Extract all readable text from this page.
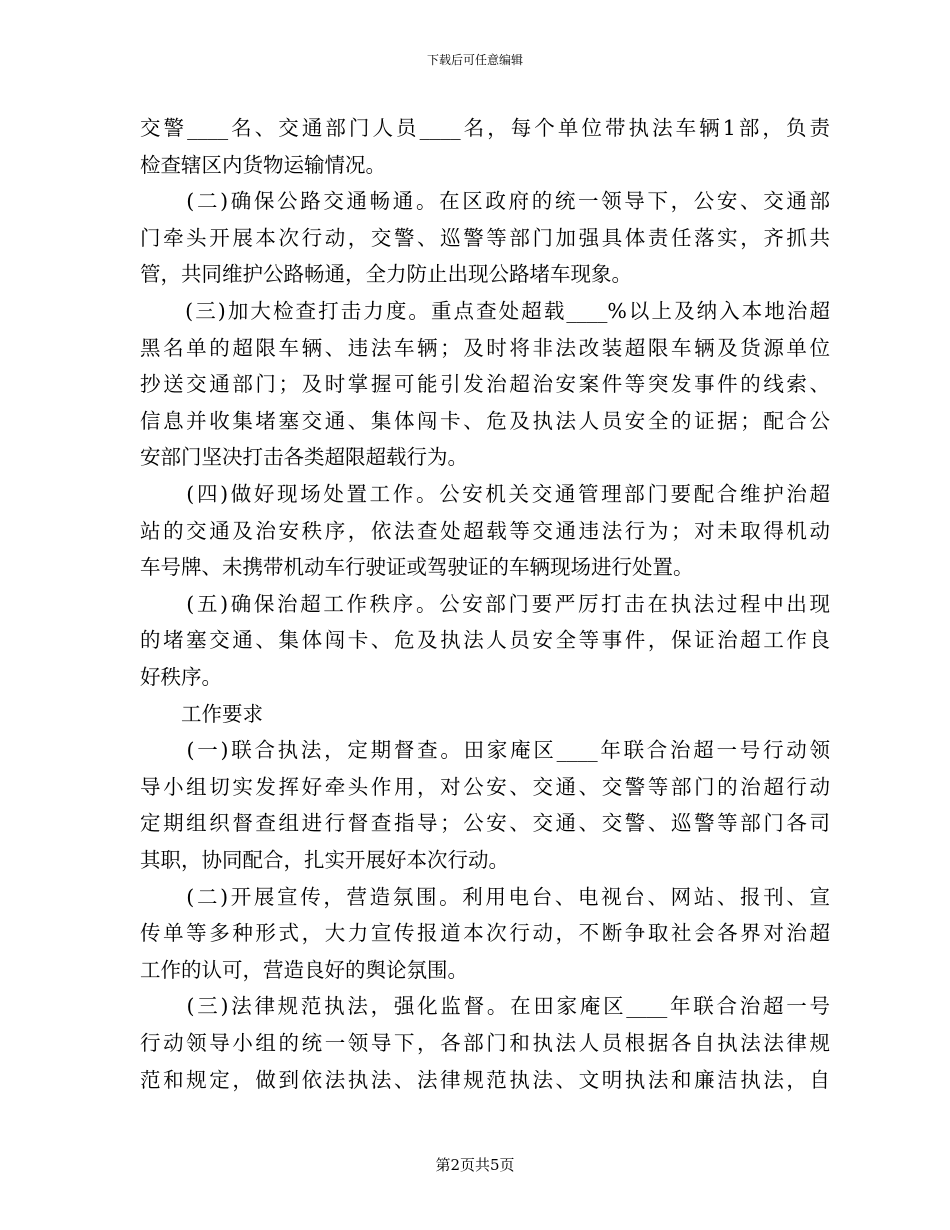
下载后可任意编辑
交警____名、交通部门人员____名，每个单位带执法车辆1部，负责
检查辖区内货物运输情况。
　　(二)确保公路交通畅通。在区政府的统一领导下，公安、交通部
门牵头开展本次行动，交警、巡警等部门加强具体责任落实，齐抓共
管，共同维护公路畅通，全力防止出现公路堵车现象。
　　(三)加大检查打击力度。重点查处超载____%以上及纳入本地治超
黑名单的超限车辆、违法车辆；及时将非法改装超限车辆及货源单位
抄送交通部门；及时掌握可能引发治超治安案件等突发事件的线索、
信息并收集堵塞交通、集体闯卡、危及执法人员安全的证据；配合公
安部门坚决打击各类超限超载行为。
　　(四)做好现场处置工作。公安机关交通管理部门要配合维护治超
站的交通及治安秩序，依法查处超载等交通违法行为；对未取得机动
车号牌、未携带机动车行驶证或驾驶证的车辆现场进行处置。
　　(五)确保治超工作秩序。公安部门要严厉打击在执法过程中出现
的堵塞交通、集体闯卡、危及执法人员安全等事件，保证治超工作良
好秩序。
　　工作要求
　　(一)联合执法，定期督查。田家庵区____年联合治超一号行动领
导小组切实发挥好牵头作用，对公安、交通、交警等部门的治超行动
定期组织督查组进行督查指导；公安、交通、交警、巡警等部门各司
其职，协同配合，扎实开展好本次行动。
　　(二)开展宣传，营造氛围。利用电台、电视台、网站、报刊、宣
传单等多种形式，大力宣传报道本次行动，不断争取社会各界对治超
工作的认可，营造良好的舆论氛围。
　　(三)法律规范执法，强化监督。在田家庵区____年联合治超一号
行动领导小组的统一领导下，各部门和执法人员根据各自执法法律规
范和规定，做到依法执法、法律规范执法、文明执法和廉洁执法，自
第2页共5页
